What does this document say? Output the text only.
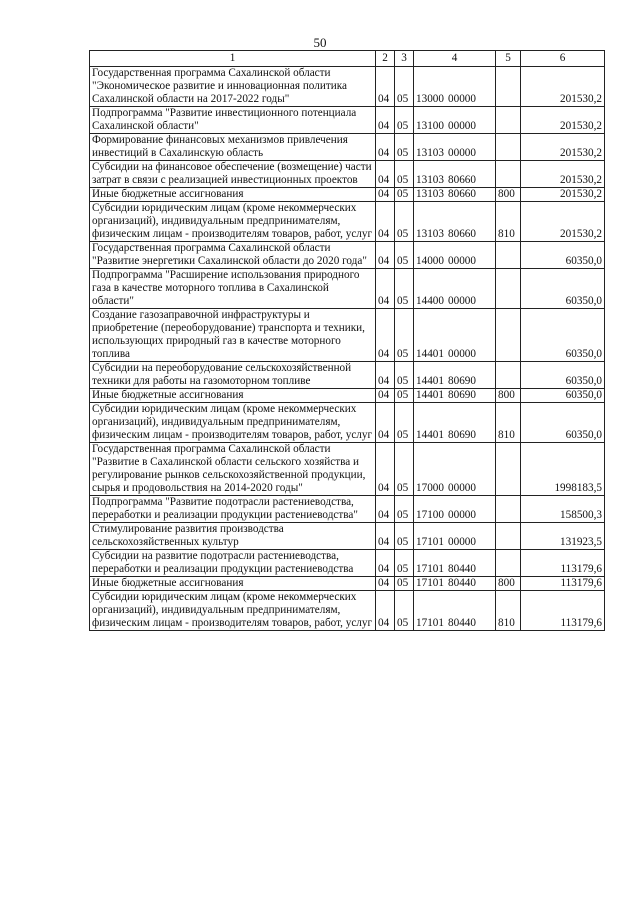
50
1	2	3	4	5	6
Государственная программа Сахалинской области "Экономическое развитие и инновационная политика Сахалинской области на 2017-2022 годы"	04	05	13000 00000		201530,2
Подпрограмма "Развитие инвестиционного потенциала Сахалинской области"	04	05	13100 00000		201530,2
Формирование финансовых механизмов привлечения инвестиций в Сахалинскую область	04	05	13103 00000		201530,2
Субсидии на финансовое обеспечение (возмещение) части затрат в связи с реализацией инвестиционных проектов	04	05	13103 80660		201530,2
Иные бюджетные ассигнования	04	05	13103 80660	800	201530,2
Субсидии юридическим лицам (кроме некоммерческих организаций), индивидуальным предпринимателям, физическим лицам - производителям товаров, работ, услуг	04	05	13103 80660	810	201530,2
Государственная программа Сахалинской области "Развитие энергетики Сахалинской области до 2020 года"	04	05	14000 00000		60350,0
Подпрограмма "Расширение использования природного газа в качестве моторного топлива в Сахалинской области"	04	05	14400 00000		60350,0
Создание газозаправочной инфраструктуры и приобретение (переоборудование) транспорта и техники, использующих природный газ в качестве моторного топлива	04	05	14401 00000		60350,0
Субсидии на переоборудование сельскохозяйственной техники для работы на газомоторном топливе	04	05	14401 80690		60350,0
Иные бюджетные ассигнования	04	05	14401 80690	800	60350,0
Субсидии юридическим лицам (кроме некоммерческих организаций), индивидуальным предпринимателям, физическим лицам - производителям товаров, работ, услуг	04	05	14401 80690	810	60350,0
Государственная программа Сахалинской области "Развитие в Сахалинской области сельского хозяйства и регулирование рынков сельскохозяйственной продукции, сырья и продовольствия на 2014-2020 годы"	04	05	17000 00000		1998183,5
Подпрограмма "Развитие подотрасли растениеводства, переработки и реализации продукции растениеводства"	04	05	17100 00000		158500,3
Стимулирование развития производства сельскохозяйственных культур	04	05	17101 00000		131923,5
Субсидии на развитие подотрасли растениеводства, переработки и реализации продукции растениеводства	04	05	17101 80440		113179,6
Иные бюджетные ассигнования	04	05	17101 80440	800	113179,6
Субсидии юридическим лицам (кроме некоммерческих организаций), индивидуальным предпринимателям, физическим лицам - производителям товаров, работ, услуг	04	05	17101 80440	810	113179,6
